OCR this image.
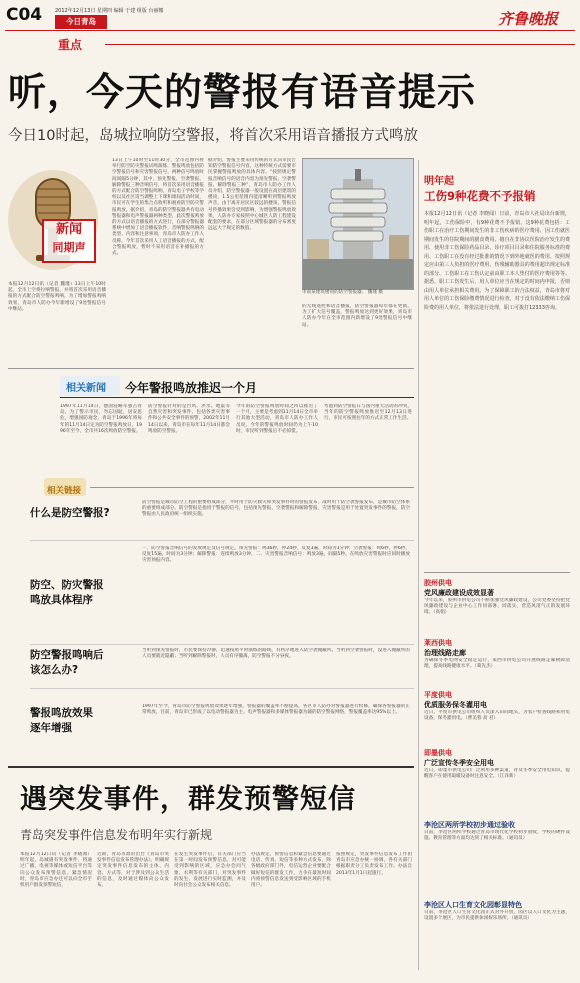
C04	2012年12月13日 星期四 编辑 于建 组版 台丽娜
今日青岛	齐鲁晚报
重点
听，今天的警报有语音提示
今日10时起，岛城拉响防空警报，将首次采用语音播报方式鸣放
新闻
同期声
本报12月12日讯（记者 魏瑾）13日上午10时起，全市上空将拉响警报，并将首次采用语音播报的方式配合防空警报鸣响。为了增加警报鸣响效果，青岛市人防办今年新增设了9处警报信号中继站。
13日上午10时至11时30分，全市范围内将举行防空防灾警报试鸣演练，警报鸣放包括防空警报信号和灾害警报信号，两种信号鸣放时间间隔5分钟，其中，预先警报、空袭警报、解除警报三种音响信号，将首次采用语音播报的方式配合防空警报鸣响，青岛电子学校等学校以及社区适当调整上下课和课间活动时间，市民可在学生的集合点收听和观看防空防灾警报鸣放。据介绍，青岛的防空警报器共有电动警报器和电声警报器两种类型，此次警报鸣放的方式以语音播报的方式进行，在部分警报器系统中增加了语音播报软件，音响警报鸣响的类型、内容和注意事项，青岛市人防办工作人员称，今年首次采用人工语音播报的方式，配合警报鸣放，暂时不采用语音在补播报的方式。
据介绍，警报主要采用传统的方式向市民告知防空警报信号内容，这种传统方式需要市民掌握警报鸣放的具体内容。“按照规定警报音响信号的语音内容为预先警报、空袭警报、解除警报三种”，青岛市人防办工作人员介绍，防空警报器一般设置在高层建筑的楼顶，1.5公里范围内能清晰听到警报鸣放声音，由于离开居民区较远的楼顶，警报信号传播效果会受到影响，为增强警报鸣放效果，人防办专家按照中心城区人防工程建设配套的要求，在部分区域警报器的分布密度远远大于规定的数值。
市南某建筑楼顶的防空警报器。 魏瑾 摄
的无线遥控和语音播报，防空警报器每年都在更新。为了扩大信号覆盖，警报鸣放达到更好效果，青岛市人防办今年在全市范围内新增设了9处警报信号中继站。
明年起
工伤9种花费不予报销
本报12月12日讯（记者 李晓闻）日前，青岛市人社局出台新规，明年起，工伤保险中，有9种花费不予报销，这9种花费包括：工伤职工在治疗工伤期间发生的非工伤疾病的医疗费用、因工伤就医期间发生的住院期间的膳食费用、擅自在非协议医院治疗发生的费用、使用非工伤保险药品目录、诊疗项目目录和住院服务标准的费用、工伤职工在没有经过批准的情况下到外地就医的费用、按照规定应由第三人负担的医疗费用、伤残辅助器具的费用超出规定标准的部分、工伤职工在工伤认定前由职工本人垫付的医疗费用等等。据悉，职工工伤发生后，用人单位应当在规定的时间内申报，否则由用人单位承担相关费用。为了保障职工的合法权益，青岛市将对用人单位的工伤保险缴费情况进行检查，对于没有依法缴纳工伤保险费的用人单位，将依法进行处理，职工可拨打12333咨询。
胶州供电
党风廉政建设成效显著
今年以来，胶州市供电公司不断加强党风廉政建设，公司党委坚持把党风廉政建设与企业中心工作同部署、同落实，营造风清气正的发展环境。（高娟）
莱西供电
治理线路走廊
为确保冬季电网安全稳定运行，莱西市供电公司开展线路走廊树障清理，提高线路健康水平。（葛先杰）
平度供电
优质服务保冬灌用电
近日，平度市供电公司组织人员深入田间地头，为农户检查线路和用电设备，保冬灌用电。（曹美蓉 高 君）
即墨供电
广泛宣传冬季安全用电
近日，即墨市供电公司广泛利用多种渠道，普及冬季安全用电知识，提醒客户在使用取暖设备时注意安全。（江泽新）
李沧区两所学校初步通过验收
日前，李沧区两所学校通过青岛市现代化学校初步验收，学校的硬件设施、教育管理等方面均达到了相关标准。（通讯员）
李沧区人口生育文化园彰显特色
日前，李沧区人口生育文化园正式对外开放，园区以人口文化为主题，设置多个展区，为市民提供休闲娱乐场所。（通讯员）
相关新闻	今年警报鸣放推迟一个月
1997年11月14日，德国侵略军强占青岛，为了警示市民，勿忘国耻，居安思危，增强国防观念，青岛于1996年将每年的11月14日定为防空警报鸣放日，1996年至今，全市共16次鸣放防空警报。
防空警报针对的是台风、洪水、地震等自然灾害和突发事件，包括各类灾害事件和公共安全事件的预警，2002年11月14日以来，青岛市在每年11月14日都会鸣放防空警报。
今年的防空警报鸣放时间之所以推迟了一个月，主要是考虑到11月14日全市举行其他大型活动，青岛市人防办工作人员说，今年的警报鸣放时间仍为上午10时，市民听到警报后不必惊慌。
考虑到防空警报日与国内重大活动的冲突，当年的防空警报鸣放推迟至12月13日进行，市民可按照往年的方式正常工作生活。
相关链接
什么是防空警报?
防空警报是城市防空工程的重要组成部分，平时用于防灾救灾和突发事件时的警报发布，战时用于防空袭警报发布，是城市防空体系的重要组成部分。防空警报是指用于警报的信号，包括预先警报、空袭警报和解除警报，灾害警报是用于处置突发事件的警报，防空警报由人民政府统一组织实施。
防空、防灾警报
鸣放具体程序
一、防空警报音响信号的发放规定及信号规定。预先警报：鸣36秒，停24秒，反复3遍，时间为3分钟；空袭警报：鸣6秒，停6秒，反复15遍，时间为3分钟；解除警报：连续鸣放3分钟。二、灾害警报音响信号：鸣放3遍，间隔5秒。在鸣放灾害警报时应同时播放灾害预报内容。
防空警报鸣响后
该怎么办?
当听到预先警报时，市民要保持冷静，迅速按照平时演练的路线，有秩序地进入防空袭掩蔽所。当听到空袭警报时，没进入掩蔽所的人员要就近隐蔽；当听到解除警报时，人员有序撤离，防空警报不分昼夜。
警报鸣放效果
逐年增强
1997年至今，青岛市防空警报鸣放效果逐年增强，警报器的覆盖率不断提高，各区市人防办对警报器进行检修，确保各警报器的正常鸣放，目前，青岛市已形成了以电动警报器为主、电声警报器和多媒体警报器为辅的防空警报网络，警报覆盖率达95%以上。
遇突发事件，群发预警短信
青岛突发事件信息发布明年实行新规
本报12月12日讯（记者 李晓闻）明年起，岛城遇有突发事件，将通过广播、电视等媒体或短信平台等向公众发布预警信息。紧急情况时，青岛市应急办还可以向全市手机用户群发预警短信。
近期，青岛市政府出台《青岛市突发事件信息发布管理办法》，明确规定突发事件信息发布的主体、内容、方式等，对于涉及到公众生活的信息，及时通过媒体向公众发布。
在发生突发事件后，有关部门应当在第一时间发布预警信息，对可能受到影响的区域，应急办会同气象、水利等有关部门，对突发事件的发生、发展进行实时监测，并及时向社会公众发布相关信息。
办法规定，预警信息和紧急信息要通过电话、传真、短信等多种方式发布，除各级政府部门外，电信运营企业要配合做好短信的群发工作，力争在最短时间内将预警信息发送到受影响区域的手机用户。
按照规定，突发事件信息发布工作由青岛市应急办统一协调，各有关部门根据职责分工负责发布工作。办法自2013年1月1日起施行。
